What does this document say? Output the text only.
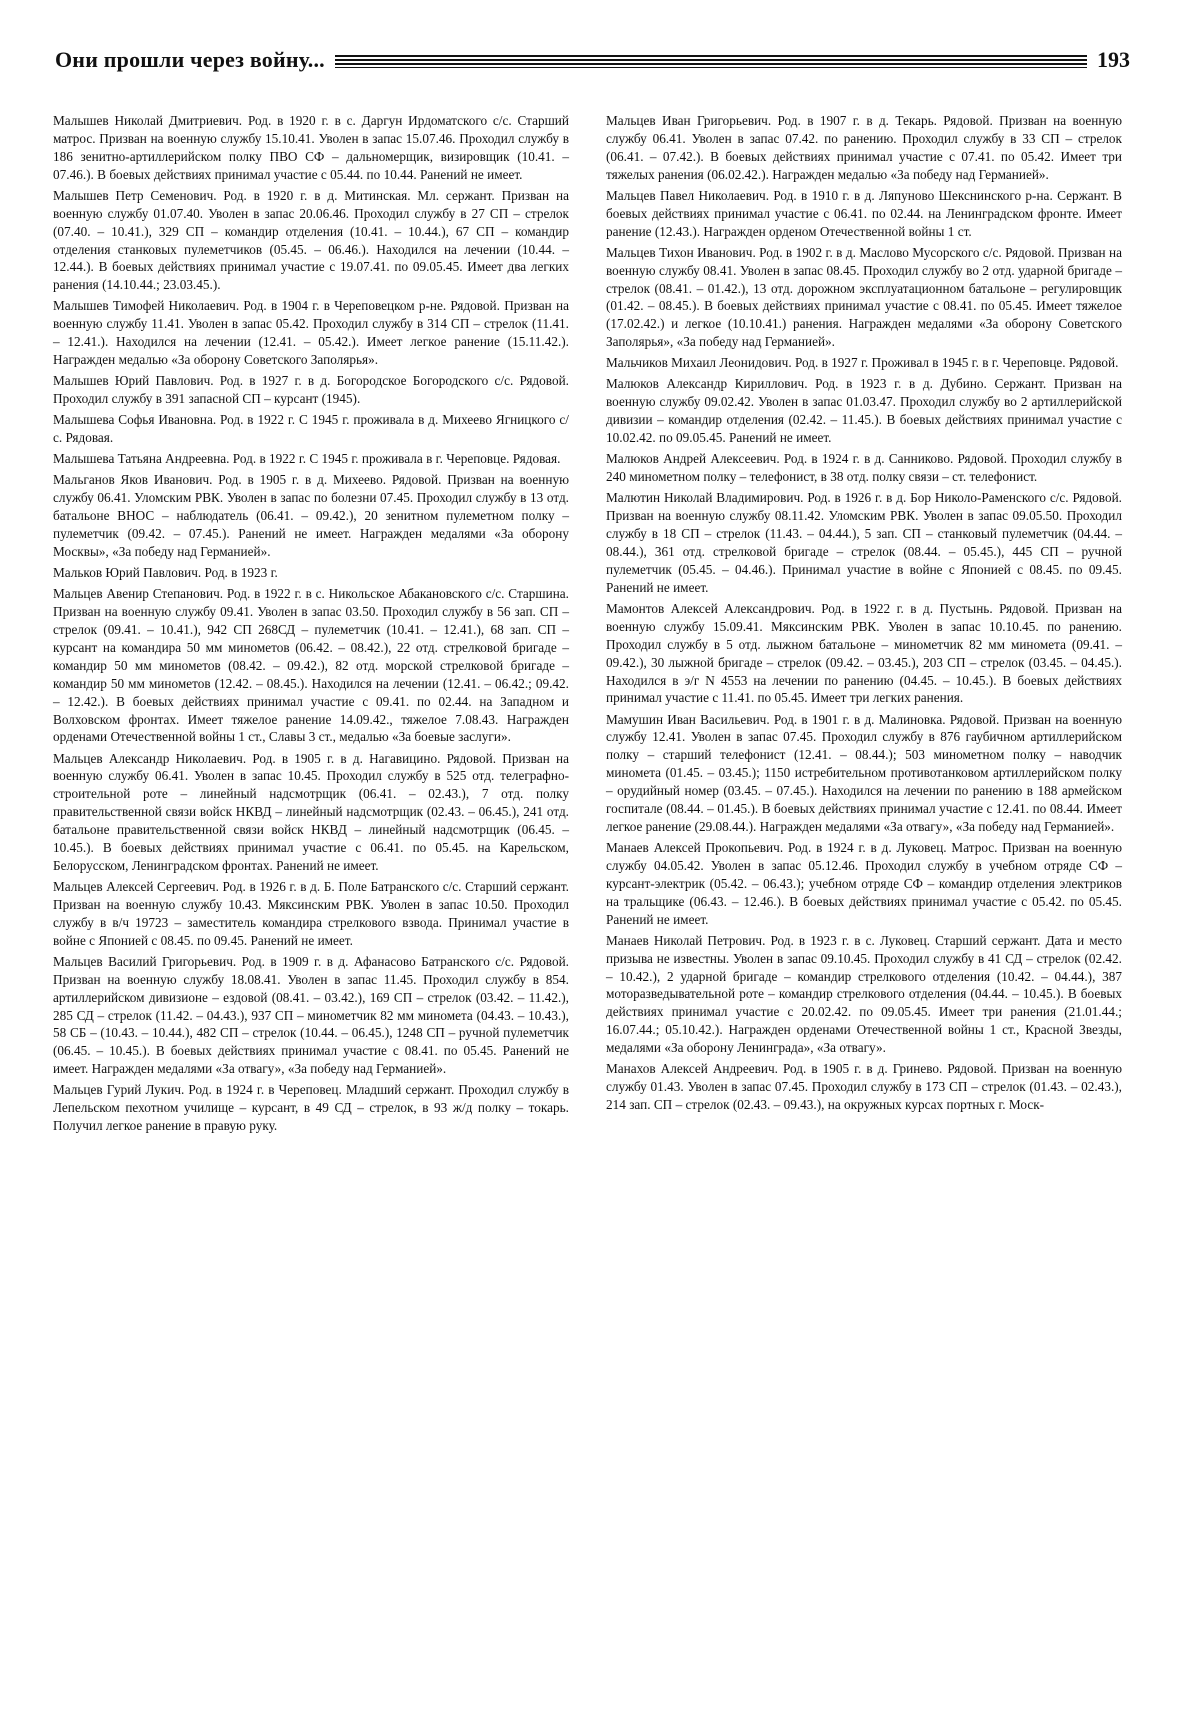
Они прошли через войну...	193

Малышев Николай Дмитриевич. Род. в 1920 г. в с. Даргун Ирдоматского с/с. Старший матрос. Призван на военную службу 15.10.41. Уволен в запас 15.07.46. Проходил службу в 186 зенитно-артиллерийском полку ПВО СФ – дальномерщик, визировщик (10.41. – 07.46.). В боевых действиях принимал участие с 05.44. по 10.44. Ранений не имеет.

Малышев Петр Семенович. Род. в 1920 г. в д. Митинская. Мл. сержант. Призван на военную службу 01.07.40. Уволен в запас 20.06.46. Проходил службу в 27 СП – стрелок (07.40. – 10.41.), 329 СП – командир отделения (10.41. – 10.44.), 67 СП – командир отделения станковых пулеметчиков (05.45. – 06.46.). Находился на лечении (10.44. – 12.44.). В боевых действиях принимал участие с 19.07.41. по 09.05.45. Имеет два легких ранения (14.10.44.; 23.03.45.).

Малышев Тимофей Николаевич. Род. в 1904 г. в Череповецком р-не. Рядовой. Призван на военную службу 11.41. Уволен в запас 05.42. Проходил службу в 314 СП – стрелок (11.41. – 12.41.). Находился на лечении (12.41. – 05.42.). Имеет легкое ранение (15.11.42.). Награжден медалью «За оборону Советского Заполярья».

Малышев Юрий Павлович. Род. в 1927 г. в д. Богородское Богородского с/с. Рядовой. Проходил службу в 391 запасной СП – курсант (1945).

Малышева Софья Ивановна. Род. в 1922 г. С 1945 г. проживала в д. Михеево Ягницкого с/с. Рядовая.

Малышева Татьяна Андреевна. Род. в 1922 г. С 1945 г. проживала в г. Череповце. Рядовая.

Мальганов Яков Иванович. Род. в 1905 г. в д. Михеево. Рядовой. Призван на военную службу 06.41. Уломским РВК. Уволен в запас по болезни 07.45. Проходил службу в 13 отд. батальоне ВНОС – наблюдатель (06.41. – 09.42.), 20 зенитном пулеметном полку – пулеметчик (09.42. – 07.45.). Ранений не имеет. Награжден медалями «За оборону Москвы», «За победу над Германией».

Мальков Юрий Павлович. Род. в 1923 г.

Мальцев Авенир Степанович. Род. в 1922 г. в с. Никольское Абакановского с/с. Старшина. Призван на военную службу 09.41. Уволен в запас 03.50. Проходил службу в 56 зап. СП – стрелок (09.41. – 10.41.), 942 СП 268СД – пулеметчик (10.41. – 12.41.), 68 зап. СП – курсант на командира 50 мм минометов (06.42. – 08.42.), 22 отд. стрелковой бригаде – командир 50 мм минометов (08.42. – 09.42.), 82 отд. морской стрелковой бригаде – командир 50 мм минометов (12.42. – 08.45.). Находился на лечении (12.41. – 06.42.; 09.42. – 12.42.). В боевых действиях принимал участие с 09.41. по 02.44. на Западном и Волховском фронтах. Имеет тяжелое ранение 14.09.42., тяжелое 7.08.43. Награжден орденами Отечественной войны 1 ст., Славы 3 ст., медалью «За боевые заслуги».

Мальцев Александр Николаевич. Род. в 1905 г. в д. Нагавицино. Рядовой. Призван на военную службу 06.41. Уволен в запас 10.45. Проходил службу в 525 отд. телеграфно-строительной роте – линейный надсмотрщик (06.41. – 02.43.), 7 отд. полку правительственной связи войск НКВД – линейный надсмотрщик (02.43. – 06.45.), 241 отд. батальоне правительственной связи войск НКВД – линейный надсмотрщик (06.45. – 10.45.). В боевых действиях принимал участие с 06.41. по 05.45. на Карельском, Белорусском, Ленинградском фронтах. Ранений не имеет.

Мальцев Алексей Сергеевич. Род. в 1926 г. в д. Б. Поле Батранского с/с. Старший сержант. Призван на военную службу 10.43. Мяксинским РВК. Уволен в запас 10.50. Проходил службу в в/ч 19723 – заместитель командира стрелкового взвода. Принимал участие в войне с Японией с 08.45. по 09.45. Ранений не имеет.

Мальцев Василий Григорьевич. Род. в 1909 г. в д. Афанасово Батранского с/с. Рядовой. Призван на военную службу 18.08.41. Уволен в запас 11.45. Проходил службу в 854. артиллерийском дивизионе – ездовой (08.41. – 03.42.), 169 СП – стрелок (03.42. – 11.42.), 285 СД – стрелок (11.42. – 04.43.), 937 СП – минометчик 82 мм миномета (04.43. – 10.43.), 58 СБ – (10.43. – 10.44.), 482 СП – стрелок (10.44. – 06.45.), 1248 СП – ручной пулеметчик (06.45. – 10.45.). В боевых действиях принимал участие с 08.41. по 05.45. Ранений не имеет. Награжден медалями «За отвагу», «За победу над Германией».

Мальцев Гурий Лукич. Род. в 1924 г. в Череповец. Младший сержант. Проходил службу в Лепельском пехотном училище – курсант, в 49 СД – стрелок, в 93 ж/д полку – токарь. Получил легкое ранение в правую руку.

Мальцев Иван Григорьевич. Род. в 1907 г. в д. Текарь. Рядовой. Призван на военную службу 06.41. Уволен в запас 07.42. по ранению. Проходил службу в 33 СП – стрелок (06.41. – 07.42.). В боевых действиях принимал участие с 07.41. по 05.42. Имеет три тяжелых ранения (06.02.42.). Награжден медалью «За победу над Германией».

Мальцев Павел Николаевич. Род. в 1910 г. в д. Ляпуново Шекснинского р-на. Сержант. В боевых действиях принимал участие с 06.41. по 02.44. на Ленинградском фронте. Имеет ранение (12.43.). Награжден орденом Отечественной войны 1 ст.

Мальцев Тихон Иванович. Род. в 1902 г. в д. Маслово Мусорского с/с. Рядовой. Призван на военную службу 08.41. Уволен в запас 08.45. Проходил службу во 2 отд. ударной бригаде – стрелок (08.41. – 01.42.), 13 отд. дорожном эксплуатационном батальоне – регулировщик (01.42. – 08.45.). В боевых действиях принимал участие с 08.41. по 05.45. Имеет тяжелое (17.02.42.) и легкое (10.10.41.) ранения. Награжден медалями «За оборону Советского Заполярья», «За победу над Германией».

Мальчиков Михаил Леонидович. Род. в 1927 г. Проживал в 1945 г. в г. Череповце. Рядовой.

Малюков Александр Кириллович. Род. в 1923 г. в д. Дубино. Сержант. Призван на военную службу 09.02.42. Уволен в запас 01.03.47. Проходил службу во 2 артиллерийской дивизии – командир отделения (02.42. – 11.45.). В боевых действиях принимал участие с 10.02.42. по 09.05.45. Ранений не имеет.

Малюков Андрей Алексеевич. Род. в 1924 г. в д. Санниково. Рядовой. Проходил службу в 240 минометном полку – телефонист, в 38 отд. полку связи – ст. телефонист.

Малютин Николай Владимирович. Род. в 1926 г. в д. Бор Николо-Раменского с/с. Рядовой. Призван на военную службу 08.11.42. Уломским РВК. Уволен в запас 09.05.50. Проходил службу в 18 СП – стрелок (11.43. – 04.44.), 5 зап. СП – станковый пулеметчик (04.44. – 08.44.), 361 отд. стрелковой бригаде – стрелок (08.44. – 05.45.), 445 СП – ручной пулеметчик (05.45. – 04.46.). Принимал участие в войне с Японией с 08.45. по 09.45. Ранений не имеет.

Мамонтов Алексей Александрович. Род. в 1922 г. в д. Пустынь. Рядовой. Призван на военную службу 15.09.41. Мяксинским РВК. Уволен в запас 10.10.45. по ранению. Проходил службу в 5 отд. лыжном батальоне – минометчик 82 мм миномета (09.41. – 09.42.), 30 лыжной бригаде – стрелок (09.42. – 03.45.), 203 СП – стрелок (03.45. – 04.45.). Находился в э/г N 4553 на лечении по ранению (04.45. – 10.45.). В боевых действиях принимал участие с 11.41. по 05.45. Имеет три легких ранения.

Мамушин Иван Васильевич. Род. в 1901 г. в д. Малиновка. Рядовой. Призван на военную службу 12.41. Уволен в запас 07.45. Проходил службу в 876 гаубичном артиллерийском полку – старший телефонист (12.41. – 08.44.); 503 минометном полку – наводчик миномета (01.45. – 03.45.); 1150 истребительном противотанковом артиллерийском полку – орудийный номер (03.45. – 07.45.). Находился на лечении по ранению в 188 армейском госпитале (08.44. – 01.45.). В боевых действиях принимал участие с 12.41. по 08.44. Имеет легкое ранение (29.08.44.). Награжден медалями «За отвагу», «За победу над Германией».

Манаев Алексей Прокопьевич. Род. в 1924 г. в д. Луковец. Матрос. Призван на военную службу 04.05.42. Уволен в запас 05.12.46. Проходил службу в учебном отряде СФ – курсант-электрик (05.42. – 06.43.); учебном отряде СФ – командир отделения электриков на тральщике (06.43. – 12.46.). В боевых действиях принимал участие с 05.42. по 05.45. Ранений не имеет.

Манаев Николай Петрович. Род. в 1923 г. в с. Луковец. Старший сержант. Дата и место призыва не известны. Уволен в запас 09.10.45. Проходил службу в 41 СД – стрелок (02.42. – 10.42.), 2 ударной бригаде – командир стрелкового отделения (10.42. – 04.44.), 387 моторазведывательной роте – командир стрелкового отделения (04.44. – 10.45.). В боевых действиях принимал участие с 20.02.42. по 09.05.45. Имеет три ранения (21.01.44.; 16.07.44.; 05.10.42.). Награжден орденами Отечественной войны 1 ст., Красной Звезды, медалями «За оборону Ленинграда», «За отвагу».

Манахов Алексей Андреевич. Род. в 1905 г. в д. Гринево. Рядовой. Призван на военную службу 01.43. Уволен в запас 07.45. Проходил службу в 173 СП – стрелок (01.43. – 02.43.), 214 зап. СП – стрелок (02.43. – 09.43.), на окружных курсах портных г. Моск-
